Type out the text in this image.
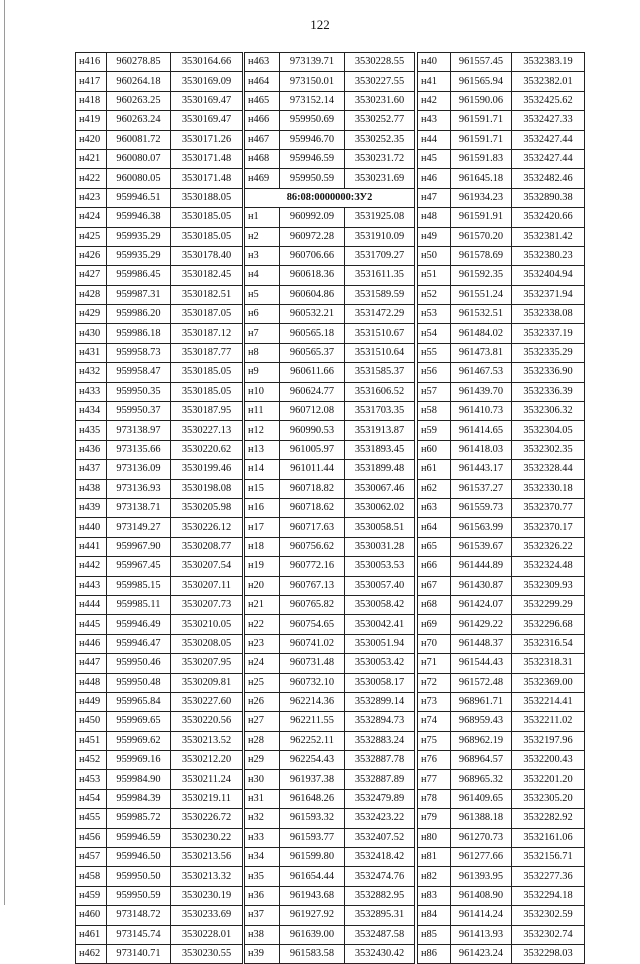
122
н416	960278.85	3530164.66
н417	960264.18	3530169.09
н418	960263.25	3530169.47
н419	960263.24	3530169.47
н420	960081.72	3530171.26
н421	960080.07	3530171.48
н422	960080.05	3530171.48
н423	959946.51	3530188.05
н424	959946.38	3530185.05
н425	959935.29	3530185.05
н426	959935.29	3530178.40
н427	959986.45	3530182.45
н428	959987.31	3530182.51
н429	959986.20	3530187.05
н430	959986.18	3530187.12
н431	959958.73	3530187.77
н432	959958.47	3530185.05
н433	959950.35	3530185.05
н434	959950.37	3530187.95
н435	973138.97	3530227.13
н436	973135.66	3530220.62
н437	973136.09	3530199.46
н438	973136.93	3530198.08
н439	973138.71	3530205.98
н440	973149.27	3530226.12
н441	959967.90	3530208.77
н442	959967.45	3530207.54
н443	959985.15	3530207.11
н444	959985.11	3530207.73
н445	959946.49	3530210.05
н446	959946.47	3530208.05
н447	959950.46	3530207.95
н448	959950.48	3530209.81
н449	959965.84	3530227.60
н450	959969.65	3530220.56
н451	959969.62	3530213.52
н452	959969.16	3530212.20
н453	959984.90	3530211.24
н454	959984.39	3530219.11
н455	959985.72	3530226.72
н456	959946.59	3530230.22
н457	959946.50	3530213.56
н458	959950.50	3530213.32
н459	959950.59	3530230.19
н460	973148.72	3530233.69
н461	973145.74	3530228.01
н462	973140.71	3530230.55
н463	973139.71	3530228.55
н464	973150.01	3530227.55
н465	973152.14	3530231.60
н466	959950.69	3530252.77
н467	959946.70	3530252.35
н468	959946.59	3530231.72
н469	959950.59	3530231.69
86:08:0000000:ЗУ2		
н1	960992.09	3531925.08
н2	960972.28	3531910.09
н3	960706.66	3531709.27
н4	960618.36	3531611.35
н5	960604.86	3531589.59
н6	960532.21	3531472.29
н7	960565.18	3531510.67
н8	960565.37	3531510.64
н9	960611.66	3531585.37
н10	960624.77	3531606.52
н11	960712.08	3531703.35
н12	960990.53	3531913.87
н13	961005.97	3531893.45
н14	961011.44	3531899.48
н15	960718.82	3530067.46
н16	960718.62	3530062.02
н17	960717.63	3530058.51
н18	960756.62	3530031.28
н19	960772.16	3530053.53
н20	960767.13	3530057.40
н21	960765.82	3530058.42
н22	960754.65	3530042.41
н23	960741.02	3530051.94
н24	960731.48	3530053.42
н25	960732.10	3530058.17
н26	962214.36	3532899.14
н27	962211.55	3532894.73
н28	962252.11	3532883.24
н29	962254.43	3532887.78
н30	961937.38	3532887.89
н31	961648.26	3532479.89
н32	961593.32	3532423.22
н33	961593.77	3532407.52
н34	961599.80	3532418.42
н35	961654.44	3532474.76
н36	961943.68	3532882.95
н37	961927.92	3532895.31
н38	961639.00	3532487.58
н39	961583.58	3532430.42
н40	961557.45	3532383.19
н41	961565.94	3532382.01
н42	961590.06	3532425.62
н43	961591.71	3532427.33
н44	961591.71	3532427.44
н45	961591.83	3532427.44
н46	961645.18	3532482.46
н47	961934.23	3532890.38
н48	961591.91	3532420.66
н49	961570.20	3532381.42
н50	961578.69	3532380.23
н51	961592.35	3532404.94
н52	961551.24	3532371.94
н53	961532.51	3532338.08
н54	961484.02	3532337.19
н55	961473.81	3532335.29
н56	961467.53	3532336.90
н57	961439.70	3532336.39
н58	961410.73	3532306.32
н59	961414.65	3532304.05
н60	961418.03	3532302.35
н61	961443.17	3532328.44
н62	961537.27	3532330.18
н63	961559.73	3532370.77
н64	961563.99	3532370.17
н65	961539.67	3532326.22
н66	961444.89	3532324.48
н67	961430.87	3532309.93
н68	961424.07	3532299.29
н69	961429.22	3532296.68
н70	961448.37	3532316.54
н71	961544.43	3532318.31
н72	961572.48	3532369.00
н73	968961.71	3532214.41
н74	968959.43	3532211.02
н75	968962.19	3532197.96
н76	968964.57	3532200.43
н77	968965.32	3532201.20
н78	961409.65	3532305.20
н79	961388.18	3532282.92
н80	961270.73	3532161.06
н81	961277.66	3532156.71
н82	961393.95	3532277.36
н83	961408.90	3532294.18
н84	961414.24	3532302.59
н85	961413.93	3532302.74
н86	961423.24	3532298.03
